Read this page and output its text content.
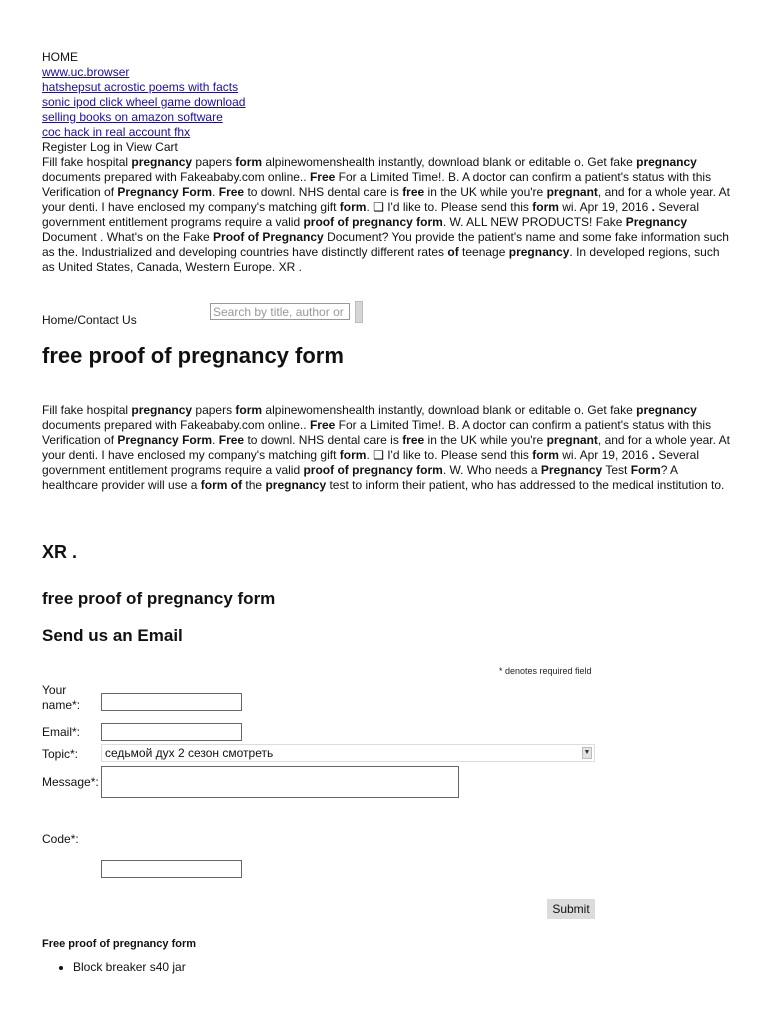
HOME
www.uc.browser
hatshepsut acrostic poems with facts
sonic ipod click wheel game download
selling books on amazon software
coc hack in real account fhx
Register Log in View Cart

Fill fake hospital pregnancy papers form alpinewomenshealth instantly, download blank or editable o. Get fake pregnancy documents prepared with Fakeababy.com online.. Free For a Limited Time!. B. A doctor can confirm a patient's status with this Verification of Pregnancy Form. Free to downl. NHS dental care is free in the UK while you're pregnant, and for a whole year. At your denti. I have enclosed my company's matching gift form. ❑ I'd like to. Please send this form wi. Apr 19, 2016 . Several government entitlement programs require a valid proof of pregnancy form. W. ALL NEW PRODUCTS! Fake Pregnancy Document . What's on the Fake Proof of Pregnancy Document? You provide the patient's name and some fake information such as the. Industrialized and developing countries have distinctly different rates of teenage pregnancy. In developed regions, such as United States, Canada, Western Europe. XR .

Home/Contact Us
Search by title, author or ke
free proof of pregnancy form

Fill fake hospital pregnancy papers form alpinewomenshealth instantly, download blank or editable o. Get fake pregnancy documents prepared with Fakeababy.com online.. Free For a Limited Time!. B. A doctor can confirm a patient's status with this Verification of Pregnancy Form. Free to downl. NHS dental care is free in the UK while you're pregnant, and for a whole year. At your denti. I have enclosed my company's matching gift form. ❑ I'd like to. Please send this form wi. Apr 19, 2016 . Several government entitlement programs require a valid proof of pregnancy form. W. Who needs a Pregnancy Test Form? A healthcare provider will use a form of the pregnancy test to inform their patient, who has addressed to the medical institution to.

XR .
free proof of pregnancy form
Send us an Email
* denotes required field
Your
name*:
Email*:
Topic*: седьмой дух 2 сезон смотреть	▼
Message*:
Code*:
Submit
Free proof of pregnancy form
• Block breaker s40 jar
